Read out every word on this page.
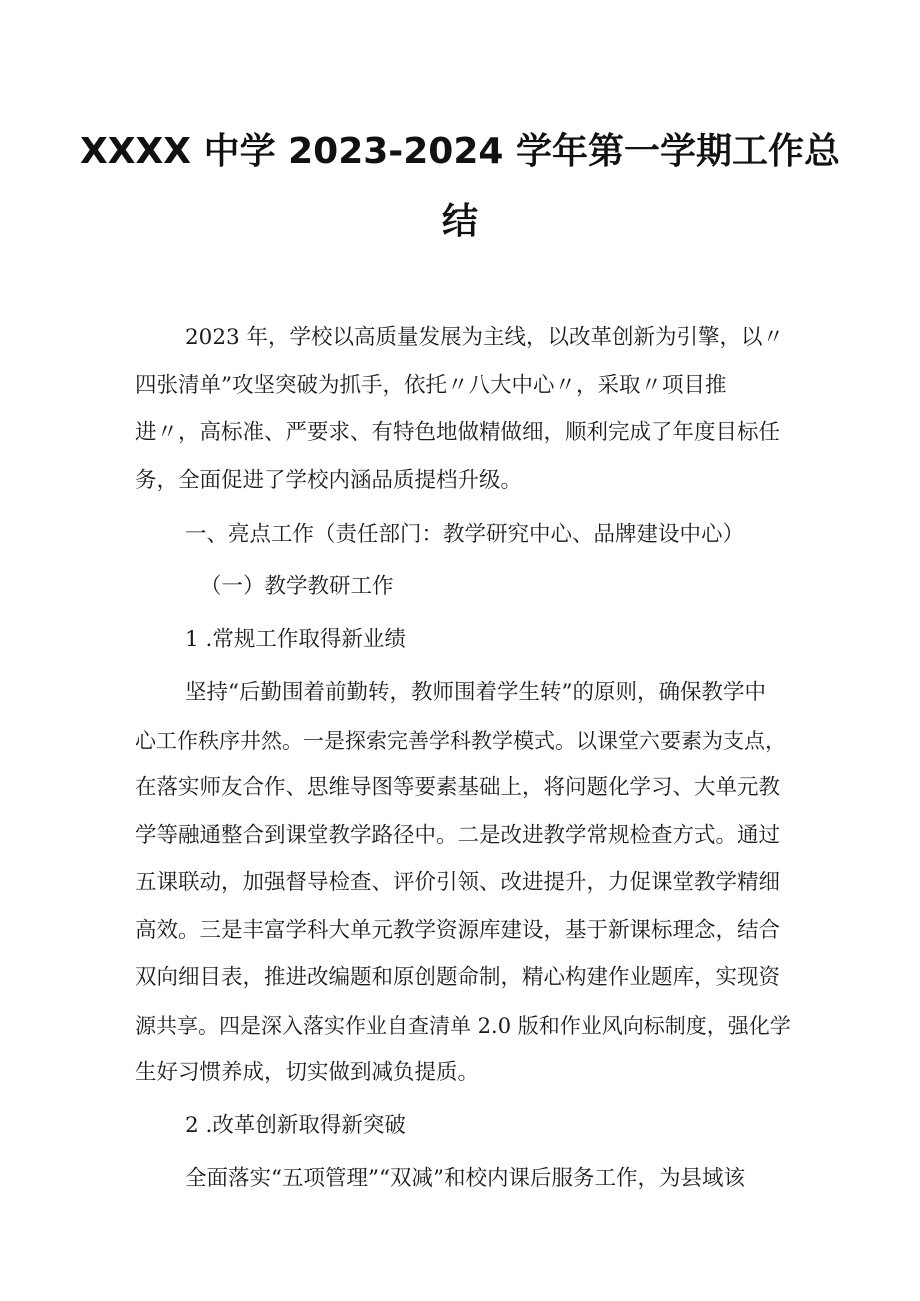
XXXX 中学 2023-2024 学年第一学期工作总
结
2023 年，学校以高质量发展为主线，以改革创新为引擎，以〃
四张清单”攻坚突破为抓手，依托〃八大中心〃，采取〃项目推
进〃，高标准、严要求、有特色地做精做细，顺利完成了年度目标任
务，全面促进了学校内涵品质提档升级。
一、亮点工作（责任部门：教学研究中心、品牌建设中心）
（一）教学教研工作
1 .常规工作取得新业绩
坚持“后勤围着前勤转，教师围着学生转”的原则，确保教学中
心工作秩序井然。一是探索完善学科教学模式。以课堂六要素为支点，
在落实师友合作、思维导图等要素基础上，将问题化学习、大单元教
学等融通整合到课堂教学路径中。二是改进教学常规检查方式。通过
五课联动，加强督导检查、评价引领、改进提升，力促课堂教学精细
高效。三是丰富学科大单元教学资源库建设，基于新课标理念，结合
双向细目表，推进改编题和原创题命制，精心构建作业题库，实现资
源共享。四是深入落实作业自查清单 2.0 版和作业风向标制度，强化学
生好习惯养成，切实做到减负提质。
2 .改革创新取得新突破
全面落实“五项管理”“双减”和校内课后服务工作，为县域该
